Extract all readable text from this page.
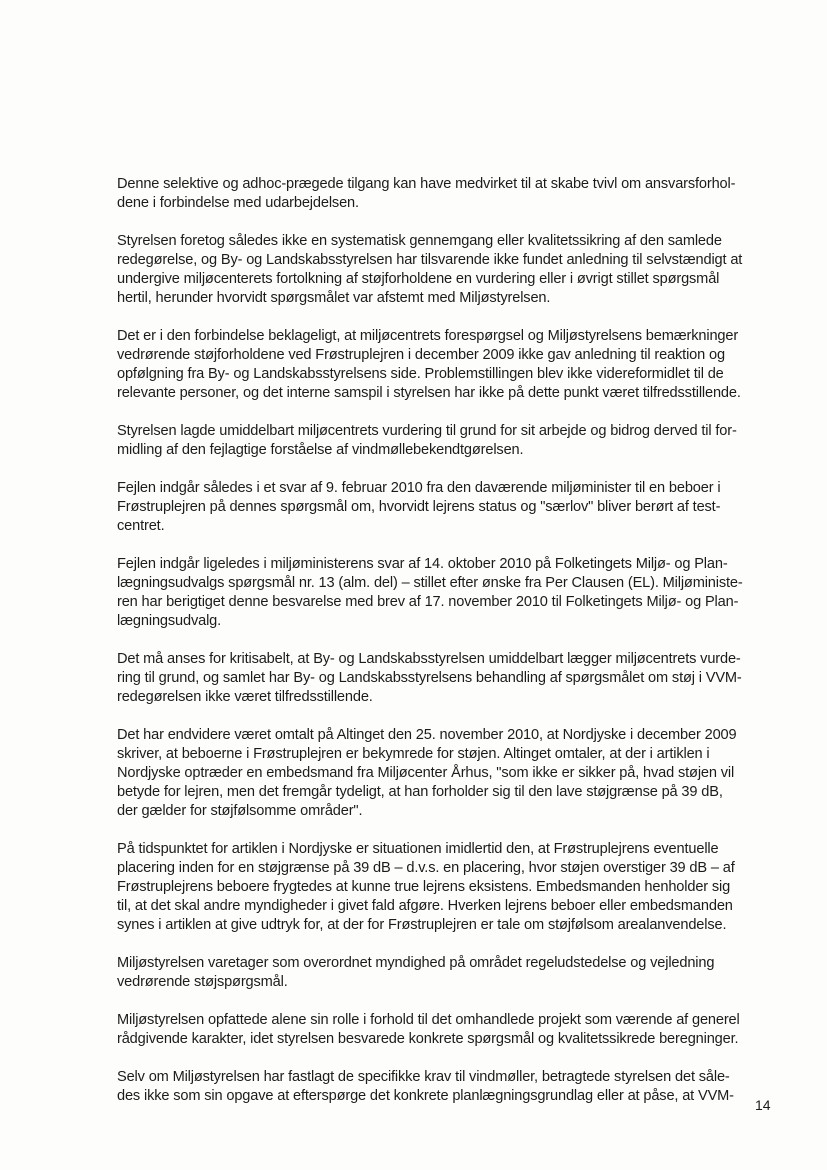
Denne selektive og adhoc-prægede tilgang kan have medvirket til at skabe tvivl om ansvarsforhol-
dene i forbindelse med udarbejdelsen.

Styrelsen foretog således ikke en systematisk gennemgang eller kvalitetssikring af den samlede
redegørelse, og By- og Landskabsstyrelsen har tilsvarende ikke fundet anledning til selvstændigt at
undergive miljøcenterets fortolkning af støjforholdene en vurdering eller i øvrigt stillet spørgsmål
hertil, herunder hvorvidt spørgsmålet var afstemt med Miljøstyrelsen.

Det er i den forbindelse beklageligt, at miljøcentrets forespørgsel og Miljøstyrelsens bemærkninger
vedrørende støjforholdene ved Frøstruplejren i december 2009 ikke gav anledning til reaktion og
opfølgning fra By- og Landskabsstyrelsens side. Problemstillingen blev ikke videreformidlet til de
relevante personer, og det interne samspil i styrelsen har ikke på dette punkt været tilfredsstillende.

Styrelsen lagde umiddelbart miljøcentrets vurdering til grund for sit arbejde og bidrog derved til for-
midling af den fejlagtige forståelse af vindmøllebekendtgørelsen.

Fejlen indgår således i et svar af 9. februar 2010 fra den daværende miljøminister til en beboer i
Frøstruplejren på dennes spørgsmål om, hvorvidt lejrens status og "særlov" bliver berørt af test-
centret.

Fejlen indgår ligeledes i miljøministerens svar af 14. oktober 2010 på Folketingets Miljø- og Plan-
lægningsudvalgs spørgsmål nr. 13 (alm. del) – stillet efter ønske fra Per Clausen (EL). Miljøministe-
ren har berigtiget denne besvarelse med brev af 17. november 2010 til Folketingets Miljø- og Plan-
lægningsudvalg.

Det må anses for kritisabelt, at By- og Landskabsstyrelsen umiddelbart lægger miljøcentrets vurde-
ring til grund, og samlet har By- og Landskabsstyrelsens behandling af spørgsmålet om støj i VVM-
redegørelsen ikke været tilfredsstillende.

Det har endvidere været omtalt på Altinget den 25. november 2010, at Nordjyske i december 2009
skriver, at beboerne i Frøstruplejren er bekymrede for støjen. Altinget omtaler, at der i artiklen i
Nordjyske optræder en embedsmand fra Miljøcenter Århus, "som ikke er sikker på, hvad støjen vil
betyde for lejren, men det fremgår tydeligt, at han forholder sig til den lave støjgrænse på 39 dB,
der gælder for støjfølsomme områder".

På tidspunktet for artiklen i Nordjyske er situationen imidlertid den, at Frøstruplejrens eventuelle
placering inden for en støjgrænse på 39 dB – d.v.s. en placering, hvor støjen overstiger 39 dB – af
Frøstruplejrens beboere frygtedes at kunne true lejrens eksistens. Embedsmanden henholder sig
til, at det skal andre myndigheder i givet fald afgøre. Hverken lejrens beboer eller embedsmanden
synes i artiklen at give udtryk for, at der for Frøstruplejren er tale om støjfølsom arealanvendelse.

Miljøstyrelsen varetager som overordnet myndighed på området regeludstedelse og vejledning
vedrørende støjspørgsmål.

Miljøstyrelsen opfattede alene sin rolle i forhold til det omhandlede projekt som værende af generel
rådgivende karakter, idet styrelsen besvarede konkrete spørgsmål og kvalitetssikrede beregninger.

Selv om Miljøstyrelsen har fastlagt de specifikke krav til vindmøller, betragtede styrelsen det såle-
des ikke som sin opgave at efterspørge det konkrete planlægningsgrundlag eller at påse, at VVM-

14
